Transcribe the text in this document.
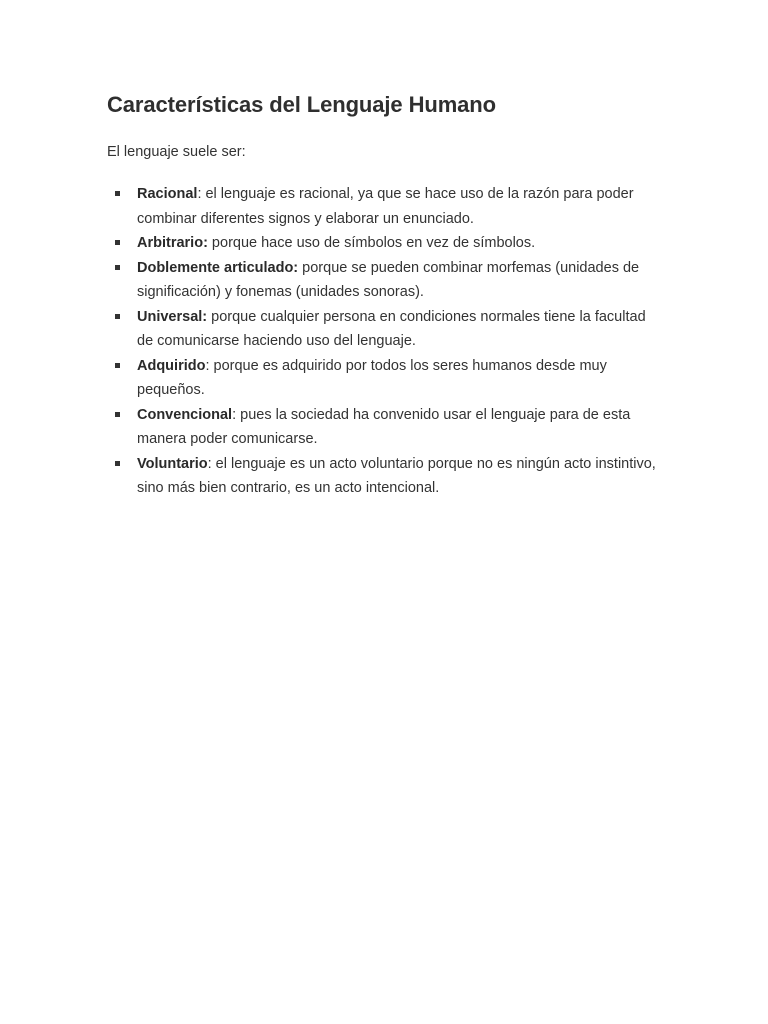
Características del Lenguaje Humano

El lenguaje suele ser:

Racional: el lenguaje es racional, ya que se hace uso de la razón para poder combinar diferentes signos y elaborar un enunciado.
Arbitrario: porque hace uso de símbolos en vez de símbolos.
Doblemente articulado: porque se pueden combinar morfemas (unidades de significación) y fonemas (unidades sonoras).
Universal: porque cualquier persona en condiciones normales tiene la facultad de comunicarse haciendo uso del lenguaje.
Adquirido: porque es adquirido por todos los seres humanos desde muy pequeños.
Convencional: pues la sociedad ha convenido usar el lenguaje para de esta manera poder comunicarse.
Voluntario: el lenguaje es un acto voluntario porque no es ningún acto instintivo, sino más bien contrario, es un acto intencional.
